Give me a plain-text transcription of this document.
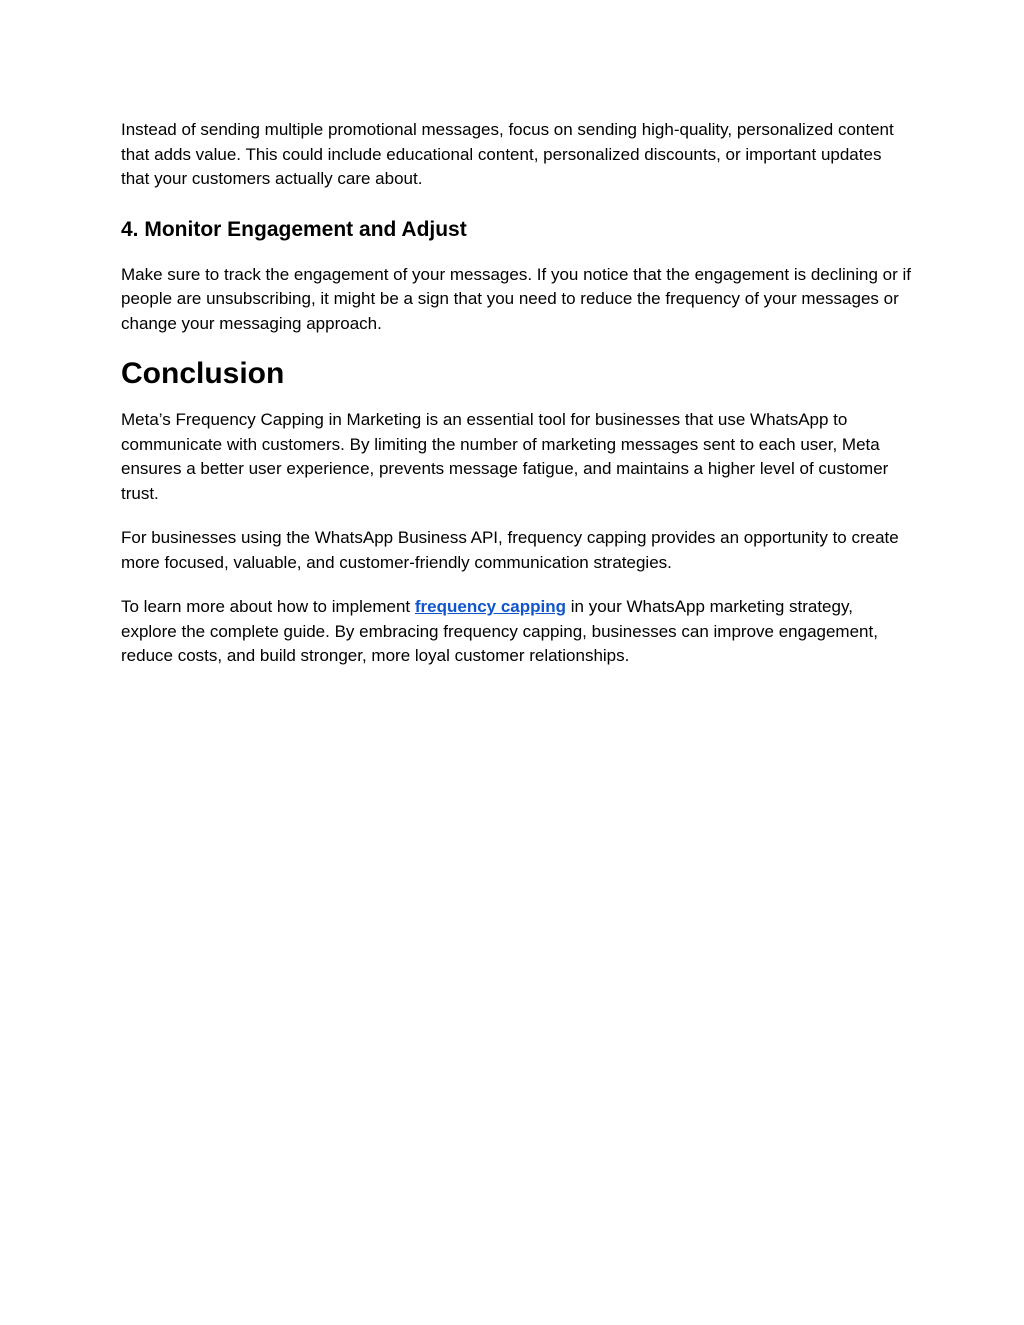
Instead of sending multiple promotional messages, focus on sending high-quality, personalized content that adds value. This could include educational content, personalized discounts, or important updates that your customers actually care about.

4. Monitor Engagement and Adjust

Make sure to track the engagement of your messages. If you notice that the engagement is declining or if people are unsubscribing, it might be a sign that you need to reduce the frequency of your messages or change your messaging approach.

Conclusion

Meta’s Frequency Capping in Marketing is an essential tool for businesses that use WhatsApp to communicate with customers. By limiting the number of marketing messages sent to each user, Meta ensures a better user experience, prevents message fatigue, and maintains a higher level of customer trust.

For businesses using the WhatsApp Business API, frequency capping provides an opportunity to create more focused, valuable, and customer-friendly communication strategies.

To learn more about how to implement frequency capping in your WhatsApp marketing strategy, explore the complete guide. By embracing frequency capping, businesses can improve engagement, reduce costs, and build stronger, more loyal customer relationships.
